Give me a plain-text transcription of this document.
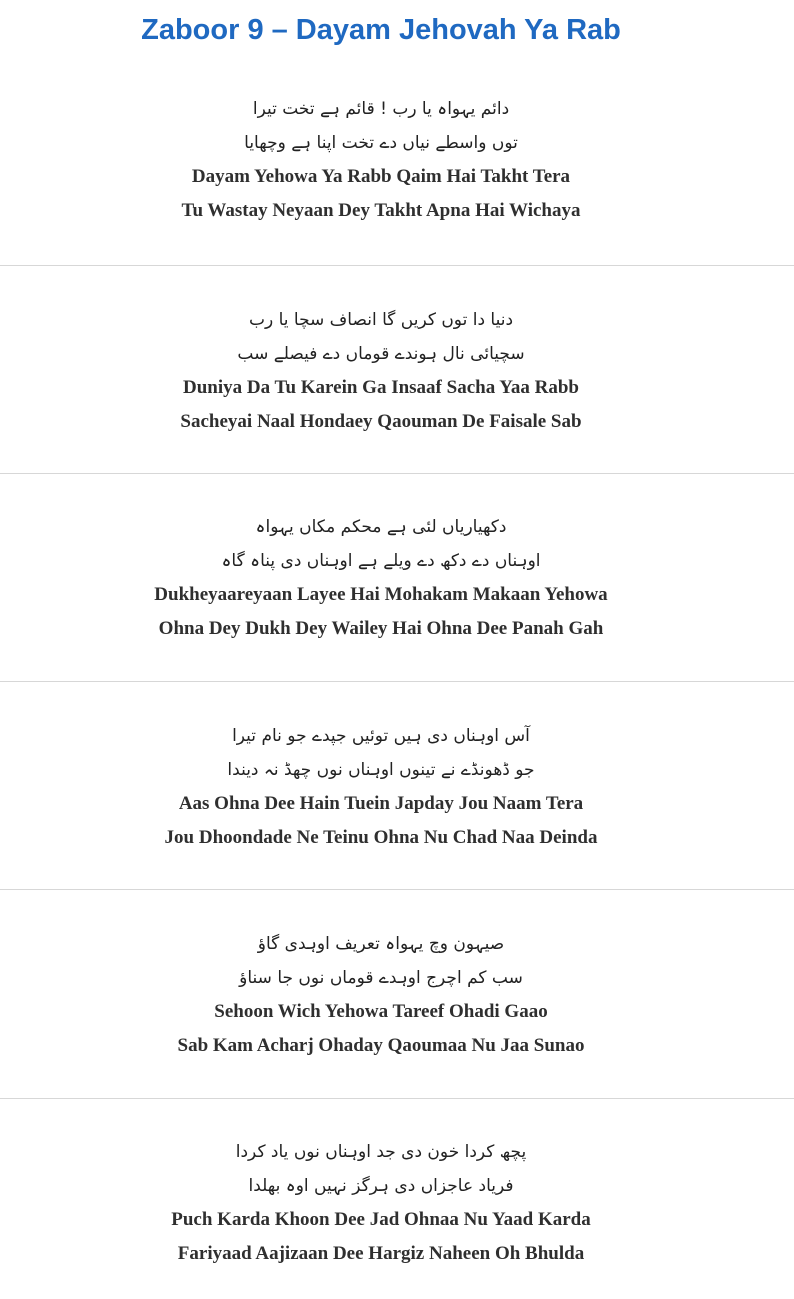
Zaboor 9 – Dayam Jehovah Ya Rab
دائم یہواہ یا رب ! قائم ہے تخت تیرا
توں واسطے نیاں دے تخت اپنا ہے وچھایا
Dayam Yehowa Ya Rabb Qaim Hai Takht Tera
Tu Wastay Neyaan Dey Takht Apna Hai Wichaya
دنیا دا توں کریں گا انصاف سچا یا رب
سچیائی نال ہوندے قوماں دے فیصلے سب
Duniya Da Tu Karein Ga Insaaf Sacha Yaa Rabb
Sacheyai Naal Hondaey Qaouman De Faisale Sab
دکھیاریاں لئی ہے محکم مکاں یہواہ
اوہناں دے دکھ دے ویلے ہے اوہناں دی پناہ گاہ
Dukheyaareyaan Layee Hai Mohakam Makaan Yehowa
Ohna Dey Dukh Dey Wailey Hai Ohna Dee Panah Gah
آس اوہناں دی ہیں توئیں جپدے جو نام تیرا
جو ڈھونڈے نے تینوں اوہناں نوں چھڈ نہ دیندا
Aas Ohna Dee Hain Tuein Japday Jou Naam Tera
Jou Dhoondade Ne Teinu Ohna Nu Chad Naa Deinda
صیہون وچ یہواہ تعریف اوہدی گاؤ
سب کم اچرج اوہدے قوماں نوں جا سناؤ
Sehoon Wich Yehowa Tareef Ohadi Gaao
Sab Kam Acharj Ohaday Qaoumaa Nu Jaa Sunao
پچھ کردا خون دی جد اوہناں نوں یاد کردا
فریاد عاجزاں دی ہرگز نہیں اوہ بھلدا
Puch Karda Khoon Dee Jad Ohnaa Nu Yaad Karda
Fariyaad Aajizaan Dee Hargiz Naheen Oh Bhulda
